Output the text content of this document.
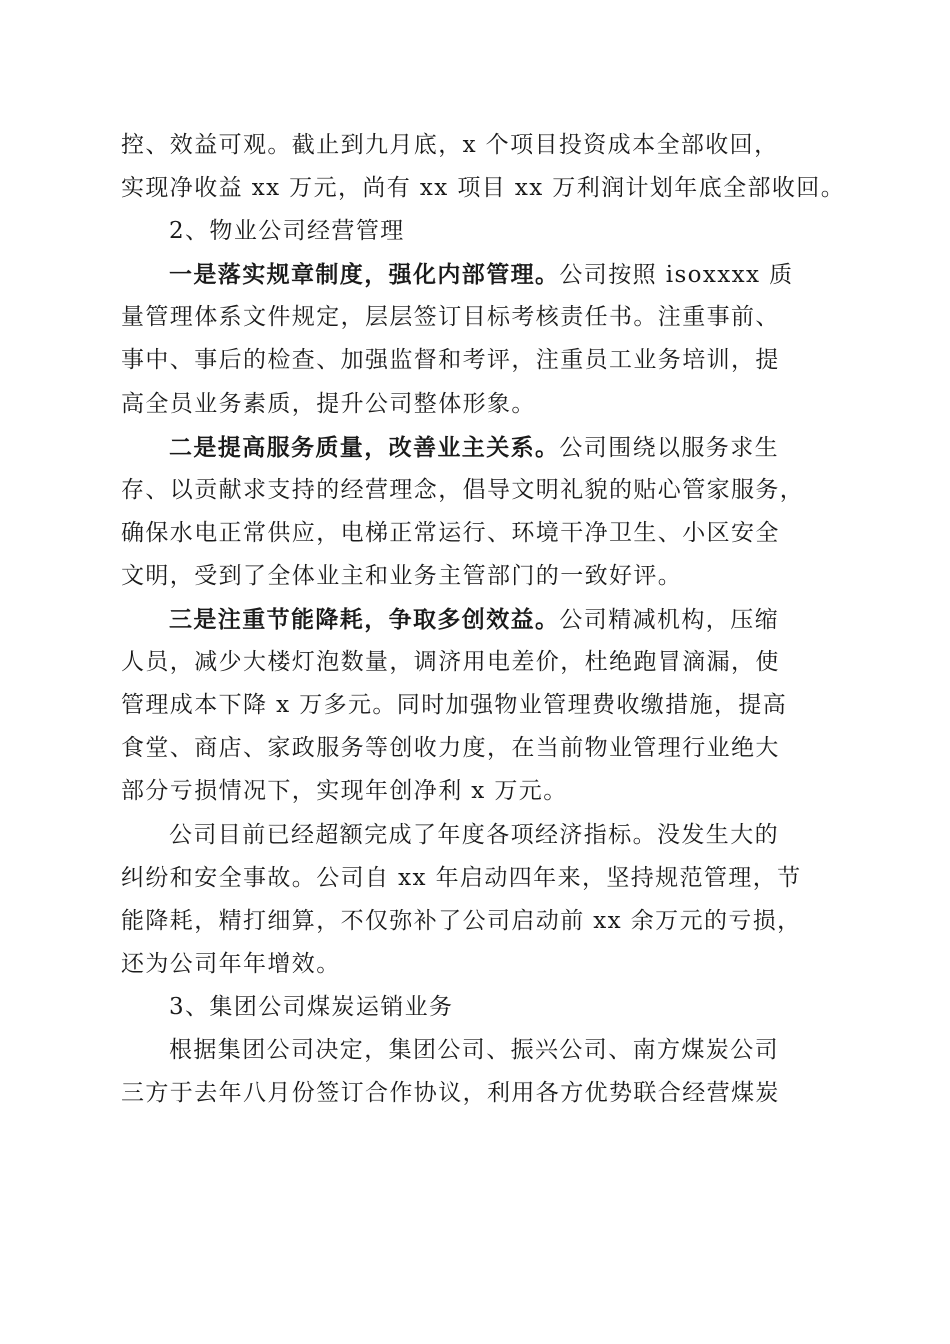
控、效益可观。截止到九月底，x 个项目投资成本全部收回，
实现净收益 xx 万元，尚有 xx 项目 xx 万利润计划年底全部收回。
2、物业公司经营管理
一是落实规章制度，强化内部管理。公司按照 isoxxxx 质
量管理体系文件规定，层层签订目标考核责任书。注重事前、
事中、事后的检查、加强监督和考评，注重员工业务培训，提
高全员业务素质，提升公司整体形象。
二是提高服务质量，改善业主关系。公司围绕以服务求生
存、以贡献求支持的经营理念，倡导文明礼貌的贴心管家服务，
确保水电正常供应，电梯正常运行、环境干净卫生、小区安全
文明，受到了全体业主和业务主管部门的一致好评。
三是注重节能降耗，争取多创效益。公司精减机构，压缩
人员，减少大楼灯泡数量，调济用电差价，杜绝跑冒滴漏，使
管理成本下降 x 万多元。同时加强物业管理费收缴措施，提高
食堂、商店、家政服务等创收力度，在当前物业管理行业绝大
部分亏损情况下，实现年创净利 x 万元。
公司目前已经超额完成了年度各项经济指标。没发生大的
纠纷和安全事故。公司自 xx 年启动四年来，坚持规范管理，节
能降耗，精打细算，不仅弥补了公司启动前 xx 余万元的亏损，
还为公司年年增效。
3、集团公司煤炭运销业务
根据集团公司决定，集团公司、振兴公司、南方煤炭公司
三方于去年八月份签订合作协议，利用各方优势联合经营煤炭
